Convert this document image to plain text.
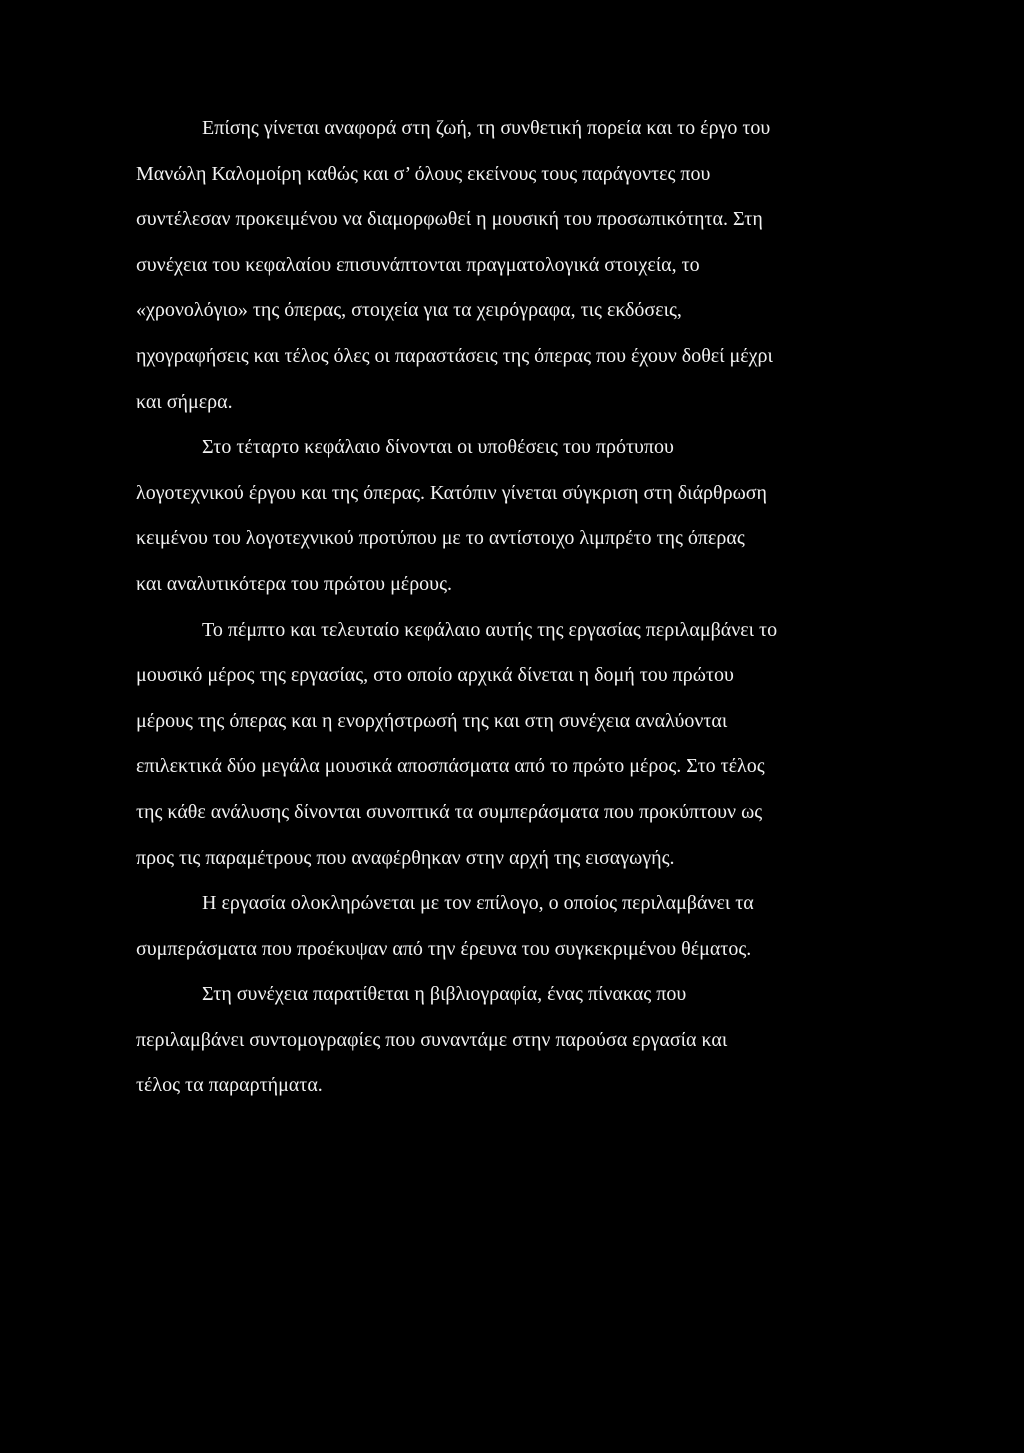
Επίσης γίνεται αναφορά στη ζωή, τη συνθετική πορεία και το έργο του
Μανώλη Καλομοίρη καθώς και σ’ όλους εκείνους τους παράγοντες που
συντέλεσαν προκειμένου να διαμορφωθεί η μουσική του προσωπικότητα. Στη
συνέχεια του κεφαλαίου επισυνάπτονται πραγματολογικά στοιχεία, το
«χρονολόγιο» της όπερας, στοιχεία για τα χειρόγραφα, τις εκδόσεις,
ηχογραφήσεις και τέλος όλες οι παραστάσεις της όπερας που έχουν δοθεί μέχρι
και σήμερα.
Στο τέταρτο κεφάλαιο δίνονται οι υποθέσεις του πρότυπου
λογοτεχνικού έργου και της όπερας. Κατόπιν γίνεται σύγκριση στη διάρθρωση
κειμένου του λογοτεχνικού προτύπου με το αντίστοιχο λιμπρέτο της όπερας
και αναλυτικότερα του πρώτου μέρους.
Το πέμπτο και τελευταίο κεφάλαιο αυτής της εργασίας περιλαμβάνει το
μουσικό μέρος της εργασίας, στο οποίο αρχικά δίνεται η δομή του πρώτου
μέρους της όπερας και η ενορχήστρωσή της και στη συνέχεια αναλύονται
επιλεκτικά δύο μεγάλα μουσικά αποσπάσματα από το πρώτο μέρος. Στο τέλος
της κάθε ανάλυσης δίνονται συνοπτικά τα συμπεράσματα που προκύπτουν ως
προς τις παραμέτρους που αναφέρθηκαν στην αρχή της εισαγωγής.
Η εργασία ολοκληρώνεται με τον επίλογο, ο οποίος περιλαμβάνει τα
συμπεράσματα που προέκυψαν από την έρευνα του συγκεκριμένου θέματος.
Στη συνέχεια παρατίθεται η βιβλιογραφία, ένας πίνακας που
περιλαμβάνει συντομογραφίες που συναντάμε στην παρούσα εργασία και
τέλος τα παραρτήματα.
